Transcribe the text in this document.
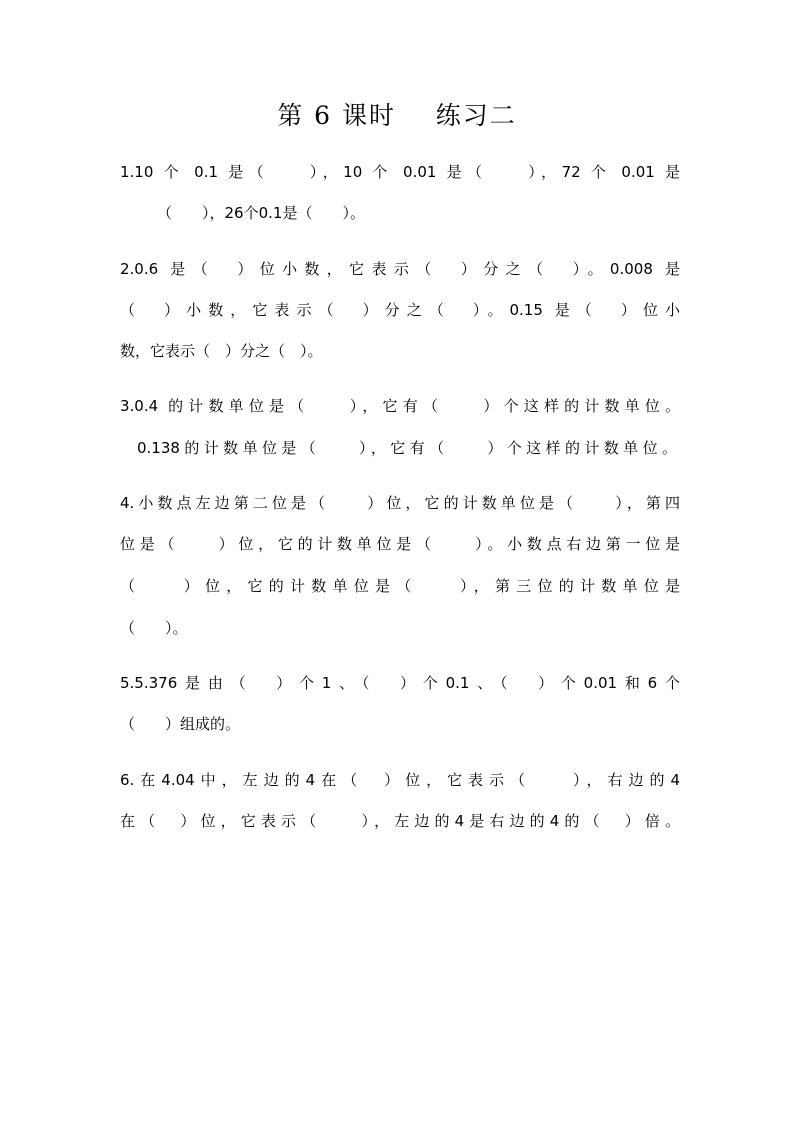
第 6 课时    练习二
1.10 个 0.1 是（　　），10 个 0.01 是（　　），72 个 0.01 是
（　　），26个0.1是（　　）。
2.0.6 是（　）位小数，它表示（　）分之（　）。0.008 是
（　）小数，它表示（　）分之（　）。0.15 是（　）位小
数，它表示（　）分之（　）。
3.0.4 的计数单位是（　　），它有（　　）个这样的计数单位。
0.138的计数单位是（　　），它有（　　）个这样的计数单位。
4.小数点左边第二位是（　　）位，它的计数单位是（　　），第四
位是（　　）位，它的计数单位是（　　）。小数点右边第一位是
（　　）位，它的计数单位是（　　），第三位的计数单位是
（　　）。
5.5.376是由（　）个1、（　）个0.1、（　）个0.01和6个
（　　）组成的。
6.在4.04中，左边的4在（　）位，它表示（　　），右边的4
在（　）位，它表示（　　），左边的4是右边的4的（　）倍。
